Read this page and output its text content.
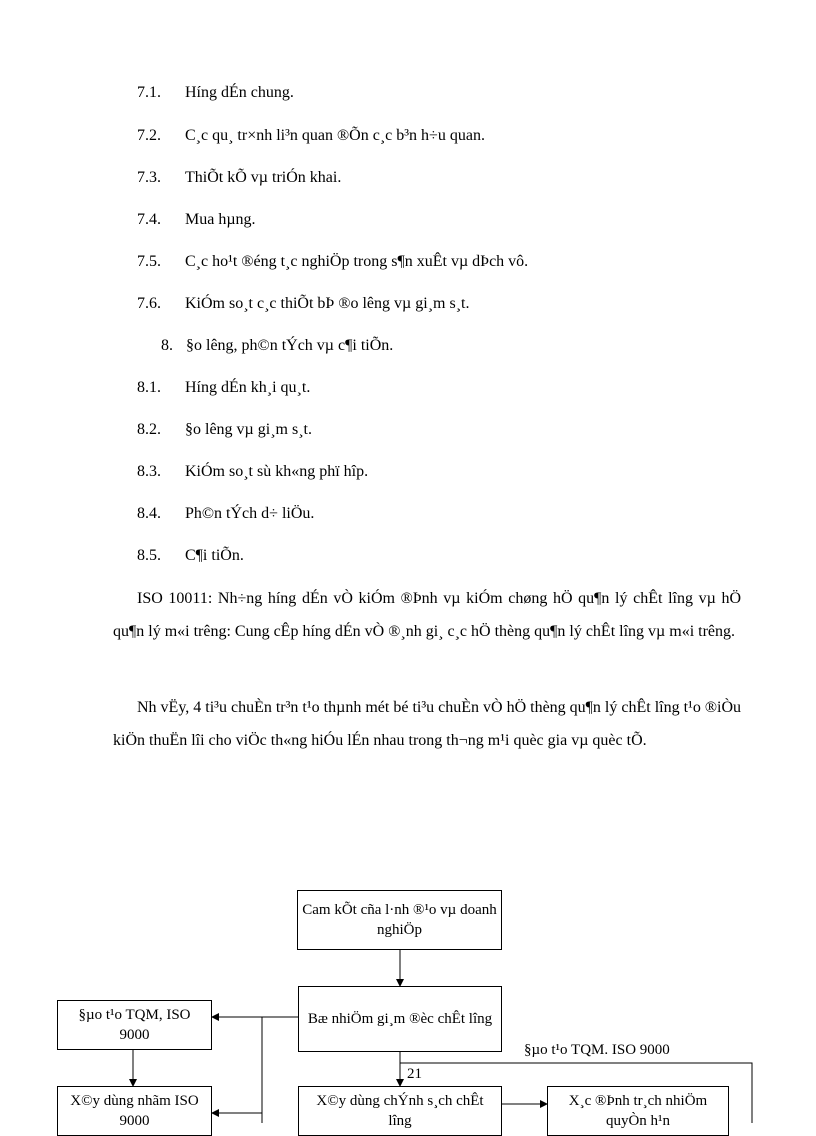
7.1. Híng dÉn chung.
7.2. C¸c qu¸ tr×nh li³n quan ®Õn c¸c b³n h÷u quan.
7.3. ThiÕt kÕ vµ triÓn khai.
7.4. Mua hµng.
7.5. C¸c ho¹t ®éng t¸c nghiÖp trong s¶n xuÊt vµ dÞch vô.
7.6. KiÓm so¸t c¸c thiÕt bÞ ®o lêng vµ gi¸m s¸t.
8. §o lêng, ph©n tÝch vµ c¶i tiÕn.
8.1. Híng dÉn kh¸i qu¸t.
8.2. §o lêng vµ gi¸m s¸t.
8.3. KiÓm so¸t sù kh«ng phï hîp.
8.4. Ph©n tÝch d÷ liÖu.
8.5. C¶i tiÕn.

ISO 10011: Nh÷ng híng dÉn vÒ kiÓm ®Þnh vµ kiÓm chøng hÖ qu¶n lý chÊt lîng vµ hÖ qu¶n lý m«i trêng: Cung cÊp híng dÉn vÒ ®¸nh gi¸ c¸c hÖ thèng qu¶n lý chÊt lîng vµ m«i trêng.

Nh vËy, 4 ti³u chuÈn tr³n t¹o thµnh mét bé ti³u chuÈn vÒ hÖ thèng qu¶n lý chÊt lîng t¹o ®iÒu kiÖn thuËn lîi cho viÖc th«ng hiÓu lÉn nhau trong th¬ng m¹i quèc gia vµ quèc tÕ.

Cam kÕt cña l·nh ®¹o vµ doanh nghiÖp
Bæ nhiÖm gi¸m ®èc chÊt lîng
§µo t¹o TQM, ISO 9000
X©y dùng nhãm ISO 9000
X©y dùng chÝnh s¸ch chÊt lîng
X¸c ®Þnh tr¸ch nhiÖm quyÒn h¹n
§µo t¹o TQM. ISO 9000
21
